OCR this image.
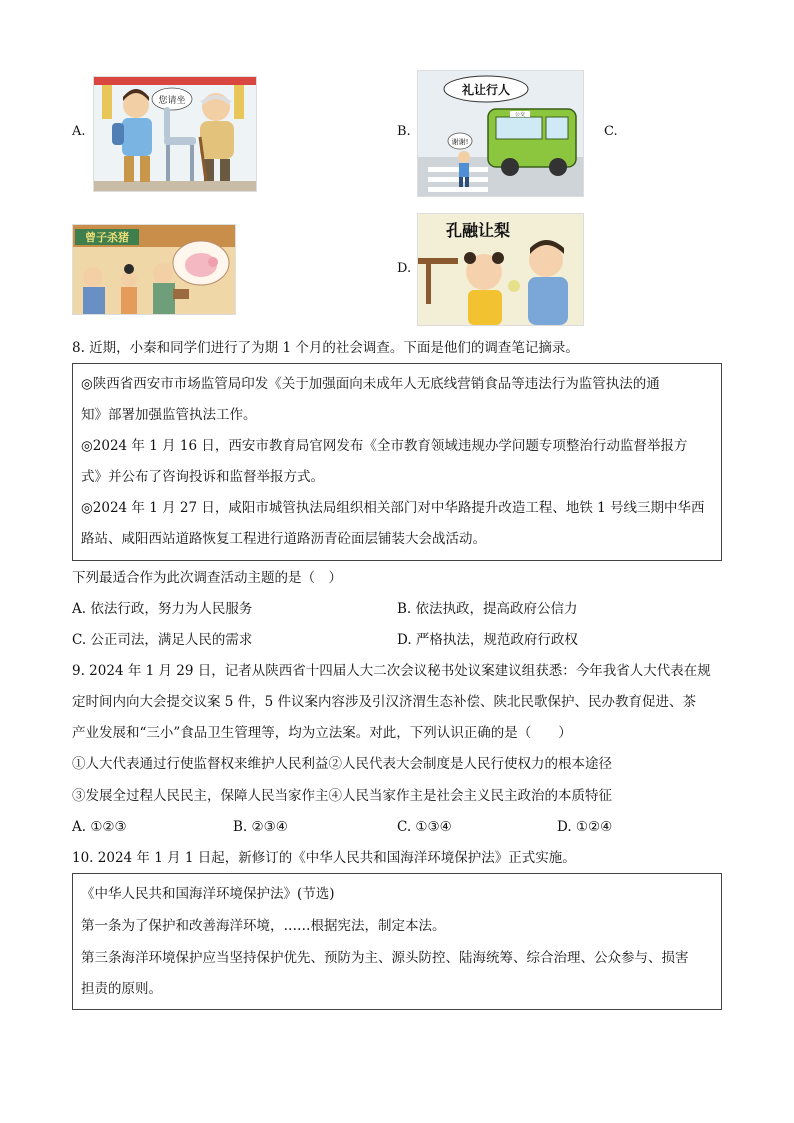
A.
您请坐
B.
礼让行人
公交
谢谢!
C.
曾子杀猪
D.
孔融让梨
8. 近期，小秦和同学们进行了为期 1 个月的社会调查。下面是他们的调查笔记摘录。
◎陕西省西安市市场监管局印发《关于加强面向未成年人无底线营销食品等违法行为监管执法的通
知》部署加强监管执法工作。
◎2024 年 1 月 16 日，西安市教育局官网发布《全市教育领域违规办学问题专项整治行动监督举报方
式》并公布了咨询投诉和监督举报方式。
◎2024 年 1 月 27 日，咸阳市城管执法局组织相关部门对中华路提升改造工程、地铁 1 号线三期中华西
路站、咸阳西站道路恢复工程进行道路沥青砼面层铺装大会战活动。
下列最适合作为此次调查活动主题的是（　）
A. 依法行政，努力为人民服务	B. 依法执政，提高政府公信力
C. 公正司法，满足人民的需求	D. 严格执法，规范政府行政权
9. 2024 年 1 月 29 日，记者从陕西省十四届人大二次会议秘书处议案建议组获悉：今年我省人大代表在规
定时间内向大会提交议案 5 件，5 件议案内容涉及引汉济渭生态补偿、陕北民歌保护、民办教育促进、茶
产业发展和“三小”食品卫生管理等，均为立法案。对此，下列认识正确的是（　　）
①人大代表通过行使监督权来维护人民利益②人民代表大会制度是人民行使权力的根本途径
③发展全过程人民民主，保障人民当家作主④人民当家作主是社会主义民主政治的本质特征
A. ①②③	B. ②③④	C. ①③④	D. ①②④
10. 2024 年 1 月 1 日起，新修订的《中华人民共和国海洋环境保护法》正式实施。
《中华人民共和国海洋环境保护法》(节选)
第一条为了保护和改善海洋环境，……根据宪法，制定本法。
第三条海洋环境保护应当坚持保护优先、预防为主、源头防控、陆海统筹、综合治理、公众参与、损害
担责的原则。
